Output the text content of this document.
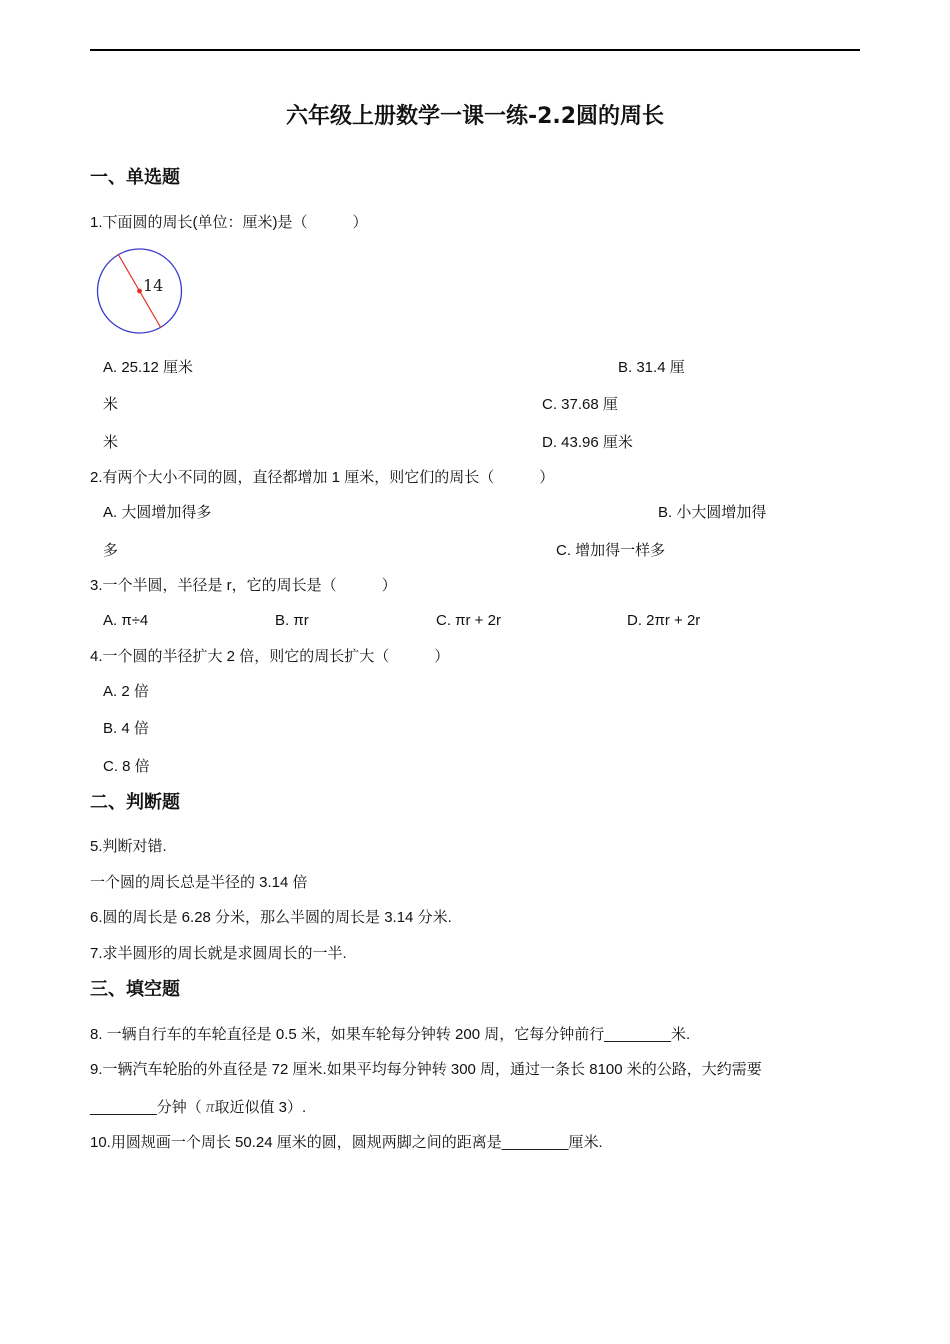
六年级上册数学一课一练-2.2圆的周长
一、单选题
1.下面圆的周长(单位：厘米)是（　　　）
14
A. 25.12 厘米	B. 31.4 厘
米	C. 37.68 厘
米	D. 43.96 厘米
2.有两个大小不同的圆，直径都增加 1 厘米，则它们的周长（　　　）
A. 大圆增加得多	B. 小大圆增加得
多	C. 增加得一样多
3.一个半圆，半径是 r，它的周长是（　　　）
A. π÷4	B. πr	C. πr + 2r	D. 2πr + 2r
4.一个圆的半径扩大 2 倍，则它的周长扩大（　　　）
A. 2 倍
B. 4 倍
C. 8 倍
二、判断题
5.判断对错.
一个圆的周长总是半径的 3.14 倍
6.圆的周长是 6.28 分米，那么半圆的周长是 3.14 分米.
7.求半圆形的周长就是求圆周长的一半.
三、填空题
8. 一辆自行车的车轮直径是 0.5 米，如果车轮每分钟转 200 周，它每分钟前行________米.
9.一辆汽车轮胎的外直径是 72 厘米.如果平均每分钟转 300 周，通过一条长 8100 米的公路，大约需要
________分钟（ π取近似值 3）.
10.用圆规画一个周长 50.24 厘米的圆，圆规两脚之间的距离是________厘米.
